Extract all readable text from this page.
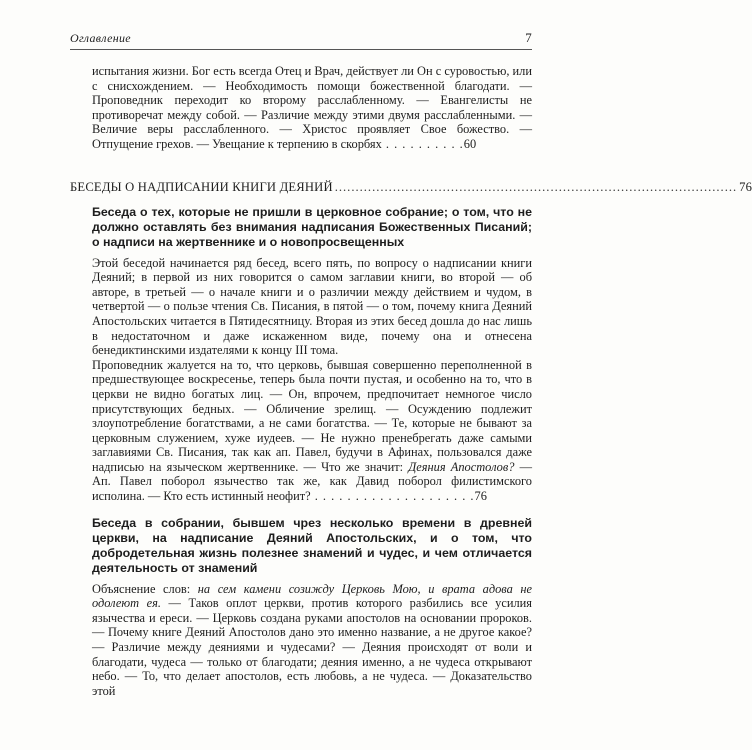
Оглавление	7
испытания жизни. Бог есть всегда Отец и Врач, действует ли Он с суровостью, или с снисхождением. — Необходимость помощи божественной благодати. — Проповедник переходит ко второму расслабленному. — Евангелисты не противоречат между собой. — Различие между этими двумя расслабленными. — Величие веры расслабленного. — Христос проявляет Свое божество. — Отпущение грехов. — Увещание к терпению в скорбях . . . . . . . . . .60
БЕСЕДЫ О НАДПИСАНИИ КНИГИ ДЕЯНИЙ ................................................................................................. 76

Беседа о тех, которые не пришли в церковное собрание; о том, что не должно оставлять без внимания надписания Божественных Писаний; о надписи на жертвеннике и о новопросвещенных

Этой беседой начинается ряд бесед, всего пять, по вопросу о надписании книги Деяний; в первой из них говорится о самом заглавии книги, во второй — об авторе, в третьей — о начале книги и о различии между действием и чудом, в четвертой — о пользе чтения Св. Писания, в пятой — о том, почему книга Деяний Апостольских читается в Пятидесятницу. Вторая из этих бесед дошла до нас лишь в недостаточном и даже искаженном виде, почему она и отнесена бенедиктинскими издателями к концу III тома.

Проповедник жалуется на то, что церковь, бывшая совершенно переполненной в предшествующее воскресенье, теперь была почти пустая, и особенно на то, что в церкви не видно богатых лиц. — Он, впрочем, предпочитает немногое число присутствующих бедных. — Обличение зрелищ. — Осуждению подлежит злоупотребление богатствами, а не сами богатства. — Те, которые не бывают за церковным служением, хуже иудеев. — Не нужно пренебрегать даже самыми заглавиями Св. Писания, так как ап. Павел, будучи в Афинах, пользовался даже надписью на языческом жертвеннике. — Что же значит: Деяния Апостолов? — Ап. Павел поборол язычество так же, как Давид поборол филистимского исполина. — Кто есть истинный неофит? . . . . . . . . . . . . . . . . . . . .76

Беседа в собрании, бывшем чрез несколько времени в древней церкви, на надписание Деяний Апостольских, и о том, что добродетельная жизнь полезнее знамений и чудес, и чем отличается деятельность от знамений

Объяснение слов: на сем камени созижду Церковь Мою, и врата адова не одолеют ея. — Таков оплот церкви, против которого разбились все усилия язычества и ереси. — Церковь создана руками апостолов на основании пророков. — Почему книге Деяний Апостолов дано это именно название, а не другое какое? — Различие между деяниями и чудесами? — Деяния происходят от воли и благодати, чудеса — только от благодати; деяния именно, а не чудеса открывают небо. — То, что делает апостолов, есть любовь, а не чудеса. — Доказательство этой
